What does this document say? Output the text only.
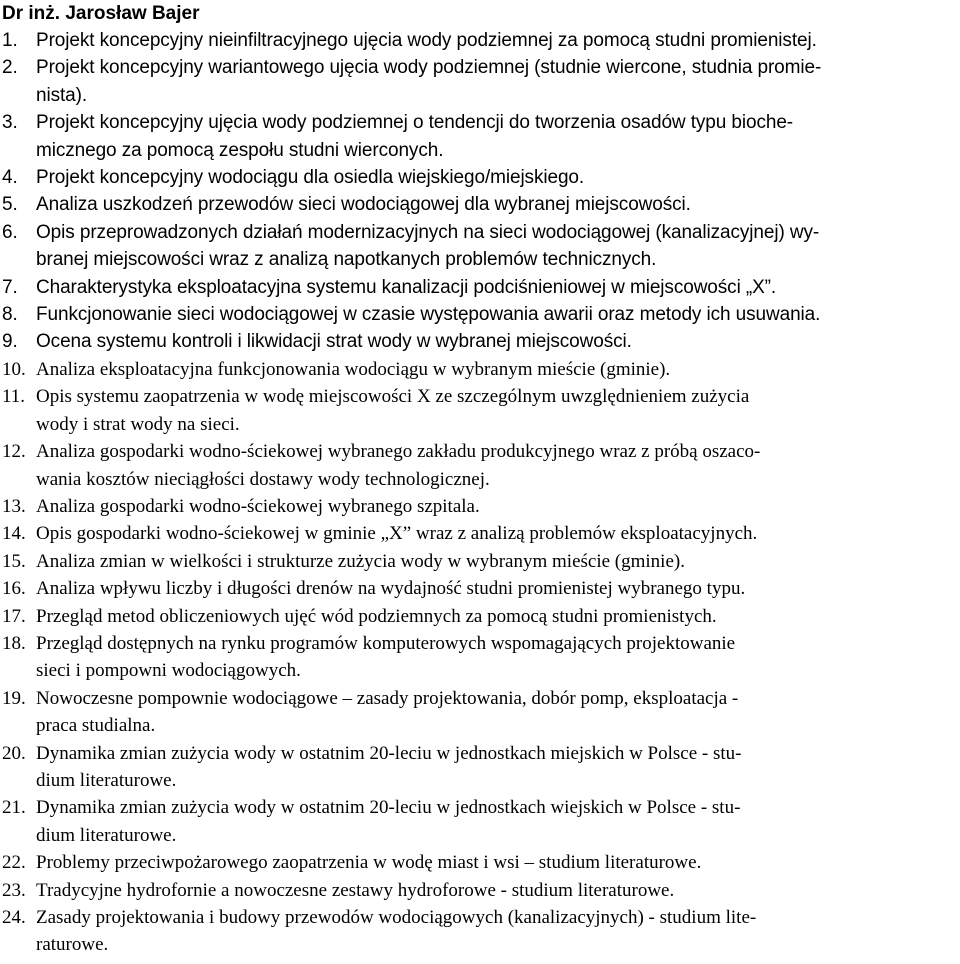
Dr inż. Jarosław Bajer
1. Projekt koncepcyjny nieinfiltracyjnego ujęcia wody podziemnej za pomocą studni promienistej.
2. Projekt koncepcyjny wariantowego ujęcia wody podziemnej (studnie wiercone, studnia promie-
nista).
3. Projekt koncepcyjny ujęcia wody podziemnej o tendencji do tworzenia osadów typu bioche-
micznego za pomocą zespołu studni wierconych.
4. Projekt koncepcyjny wodociągu dla osiedla wiejskiego/miejskiego.
5. Analiza uszkodzeń przewodów sieci wodociągowej dla wybranej miejscowości.
6. Opis przeprowadzonych działań modernizacyjnych na sieci wodociągowej (kanalizacyjnej) wy-
branej miejscowości wraz z analizą napotkanych problemów technicznych.
7. Charakterystyka eksploatacyjna systemu kanalizacji podciśnieniowej w miejscowości „X”.
8. Funkcjonowanie sieci wodociągowej w czasie występowania awarii oraz metody ich usuwania.
9. Ocena systemu kontroli i likwidacji strat wody w wybranej miejscowości.
10. Analiza eksploatacyjna funkcjonowania wodociągu w wybranym mieście (gminie).
11. Opis systemu zaopatrzenia w wodę miejscowości X ze szczególnym uwzględnieniem zużycia
wody i strat wody na sieci.
12. Analiza gospodarki wodno-ściekowej wybranego zakładu produkcyjnego wraz z próbą oszaco-
wania kosztów nieciągłości dostawy wody technologicznej.
13. Analiza gospodarki wodno-ściekowej wybranego szpitala.
14. Opis gospodarki wodno-ściekowej w gminie „X” wraz z analizą problemów eksploatacyjnych.
15. Analiza zmian w wielkości i strukturze zużycia wody w wybranym mieście (gminie).
16. Analiza wpływu liczby i długości drenów na wydajność studni promienistej wybranego typu.
17. Przegląd metod obliczeniowych ujęć wód podziemnych za pomocą studni promienistych.
18. Przegląd dostępnych na rynku programów komputerowych wspomagających projektowanie
sieci i pompowni wodociągowych.
19. Nowoczesne pompownie wodociągowe – zasady projektowania, dobór pomp, eksploatacja -
praca studialna.
20. Dynamika zmian zużycia wody w ostatnim 20-leciu w jednostkach miejskich w Polsce - stu-
dium literaturowe.
21. Dynamika zmian zużycia wody w ostatnim 20-leciu w jednostkach wiejskich w Polsce - stu-
dium literaturowe.
22. Problemy przeciwpożarowego zaopatrzenia w wodę miast i wsi – studium literaturowe.
23. Tradycyjne hydrofornie a nowoczesne zestawy hydroforowe - studium literaturowe.
24. Zasady projektowania i budowy przewodów wodociągowych (kanalizacyjnych) - studium lite-
raturowe.
